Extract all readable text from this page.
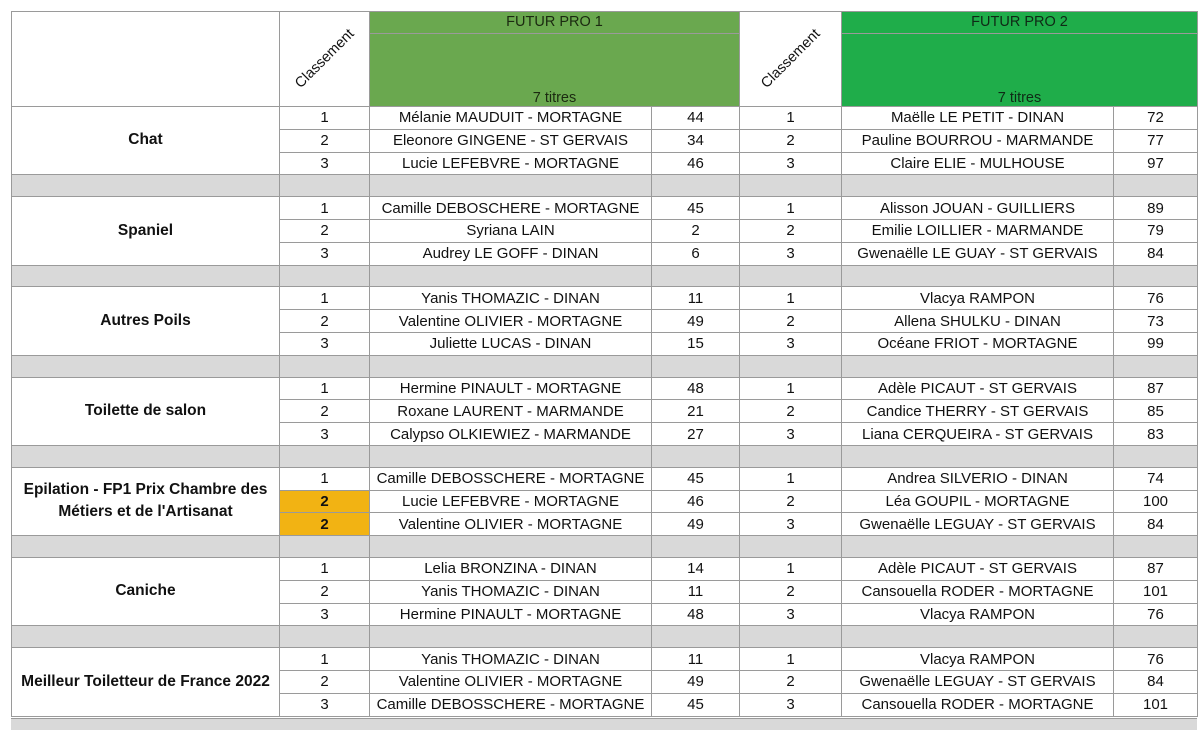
	Classement	FUTUR PRO 1		Classement	FUTUR PRO 2	
		7 titres			7 titres	
Chat	1	Mélanie MAUDUIT - MORTAGNE	44	1	Maëlle LE PETIT - DINAN	72
	2	Eleonore GINGENE - ST GERVAIS	34	2	Pauline BOURROU - MARMANDE	77
	3	Lucie LEFEBVRE - MORTAGNE	46	3	Claire ELIE - MULHOUSE	97

Spaniel	1	Camille DEBOSCHERE - MORTAGNE	45	1	Alisson JOUAN - GUILLIERS	89
	2	Syriana LAIN	2	2	Emilie LOILLIER - MARMANDE	79
	3	Audrey LE GOFF - DINAN	6	3	Gwenaëlle LE GUAY - ST GERVAIS	84

Autres Poils	1	Yanis THOMAZIC - DINAN	11	1	Vlacya RAMPON	76
	2	Valentine OLIVIER - MORTAGNE	49	2	Allena SHULKU - DINAN	73
	3	Juliette LUCAS - DINAN	15	3	Océane FRIOT - MORTAGNE	99

Toilette de salon	1	Hermine PINAULT - MORTAGNE	48	1	Adèle PICAUT - ST GERVAIS	87
	2	Roxane LAURENT - MARMANDE	21	2	Candice THERRY - ST GERVAIS	85
	3	Calypso OLKIEWIEZ - MARMANDE	27	3	Liana CERQUEIRA - ST GERVAIS	83

Epilation - FP1 Prix Chambre des Métiers et de l'Artisanat	1	Camille DEBOSSCHERE - MORTAGNE	45	1	Andrea SILVERIO - DINAN	74
	2	Lucie LEFEBVRE - MORTAGNE	46	2	Léa GOUPIL - MORTAGNE	100
	2	Valentine OLIVIER - MORTAGNE	49	3	Gwenaëlle LEGUAY - ST GERVAIS	84

Caniche	1	Lelia BRONZINA - DINAN	14	1	Adèle PICAUT - ST GERVAIS	87
	2	Yanis THOMAZIC - DINAN	11	2	Cansouella RODER - MORTAGNE	101
	3	Hermine PINAULT - MORTAGNE	48	3	Vlacya RAMPON	76

Meilleur Toiletteur de France 2022	1	Yanis THOMAZIC - DINAN	11	1	Vlacya RAMPON	76
	2	Valentine OLIVIER - MORTAGNE	49	2	Gwenaëlle LEGUAY - ST GERVAIS	84
	3	Camille DEBOSSCHERE - MORTAGNE	45	3	Cansouella RODER - MORTAGNE	101
